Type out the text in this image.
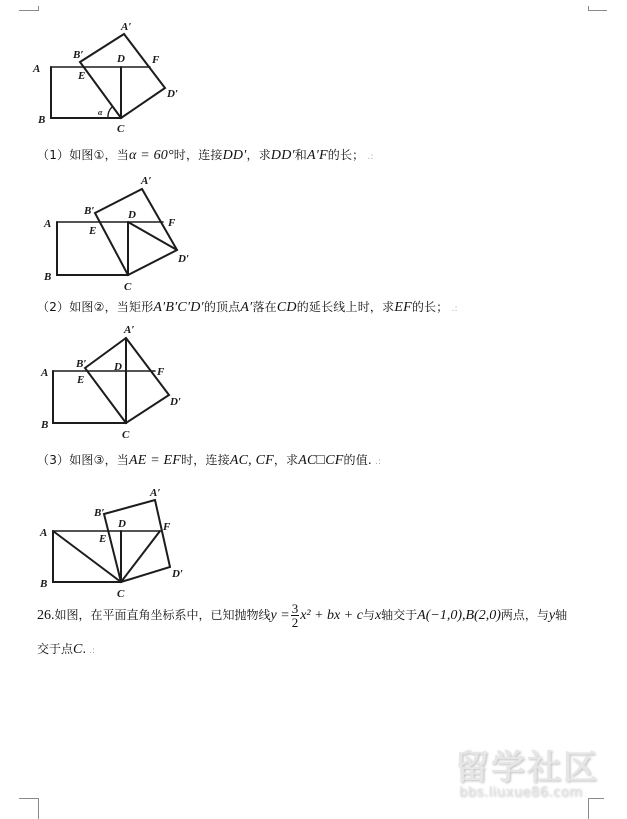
A
B
C
D
E
F
A′
B′
D′
α
（1）如图①，当α = 60°时，连接DD′，求DD′和A′F的长； .:
A
B
C
D
E
F
A′
B′
D′
（2）如图②，当矩形A′B′C′D′的顶点A′落在CD的延长线上时，求EF的长； .:
A
B
C
D
E
F
A′
B′
D′
（3）如图③，当AE = EF时，连接AC, CF，求AC□CF的值. .:
A
B
C
D
E
F
A′
B′
D′
26.如图，在平面直角坐标系中，已知抛物线$y = \frac{3}{2} x^2$ + bx + c与x轴交于A(−1,0),B(2,0)两点，与y轴
交于点C. .:
留学社区
bbs.liuxue86.com
